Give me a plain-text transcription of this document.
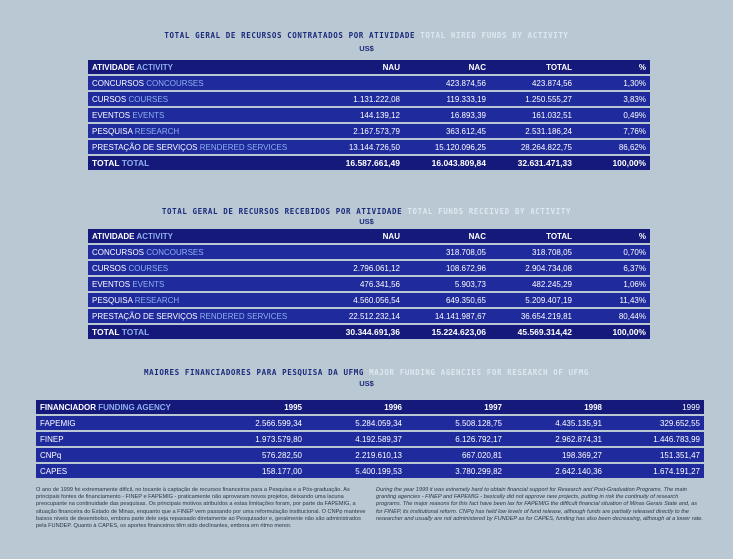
TOTAL GERAL DE RECURSOS CONTRATADOS POR ATIVIDADE TOTAL HIRED FUNDS BY ACTIVITY
US$
ATIVIDADE ACTIVITY	NAU	NAC	TOTAL	%
CONCURSOS CONCOURSES		423.874,56	423.874,56	1,30%
CURSOS COURSES	1.131.222,08	119.333,19	1.250.555,27	3,83%
EVENTOS EVENTS	144.139,12	16.893,39	161.032,51	0,49%
PESQUISA RESEARCH	2.167.573,79	363.612,45	2.531.186,24	7,76%
PRESTAÇÃO DE SERVIÇOS RENDERED SERVICES	13.144.726,50	15.120.096,25	28.264.822,75	86,62%
TOTAL TOTAL	16.587.661,49	16.043.809,84	32.631.471,33	100,00%
TOTAL GERAL DE RECURSOS RECEBIDOS POR ATIVIDADE TOTAL FUNDS RECEIVED BY ACTIVITY
US$
ATIVIDADE ACTIVITY	NAU	NAC	TOTAL	%
CONCURSOS CONCOURSES		318.708,05	318.708,05	0,70%
CURSOS COURSES	2.796.061,12	108.672,96	2.904.734,08	6,37%
EVENTOS EVENTS	476.341,56	5.903,73	482.245,29	1,06%
PESQUISA RESEARCH	4.560.056,54	649.350,65	5.209.407,19	11,43%
PRESTAÇÃO DE SERVIÇOS RENDERED SERVICES	22.512.232,14	14.141.987,67	36.654.219,81	80,44%
TOTAL TOTAL	30.344.691,36	15.224.623,06	45.569.314,42	100,00%
MAIORES FINANCIADORES PARA PESQUISA DA UFMG MAJOR FUNDING AGENCIES FOR RESEARCH OF UFMG
US$
FINANCIADOR FUNDING AGENCY	1995	1996	1997	1998	1999
FAPEMIG	2.566.599,34	5.284.059,34	5.508.128,75	4.435.135,91	329.652,55
FINEP	1.973.579,80	4.192.589,37	6.126.792,17	2.962.874,31	1.446.783,99
CNPq	576.282,50	2.219.610,13	667.020,81	198.369,27	151.351,47
CAPES	158.177,00	5.400.199,53	3.780.299,82	2.642.140,36	1.674.191,27
O ano de 1999 foi extremamente difícil, no tocante à captação de recursos financeiros para a Pesquisa e a Pós-graduação. As principais fontes de financiamento - FINEP e FAPEMIG - praticamente não aprovaram novos projetos, deixando uma lacuna preocupante na continuidade das pesquisas. Os principais motivos atribuídos a estas limitações foram, por parte da FAPEMIG, a situação financeira do Estado de Minas, enquanto que a FINEP vem passando por uma reformulação institucional. O CNPp manteve baixos níveis de desembolso, embora parte dele seja repassado diretamente ao Pesquisador e, geralmente não são administrados pela FUNDEP. Quanto à CAPES, os aportes financeiros têm sido declinantes, embora em ritmo menor.
During the year 1999 it was extremely hard to obtain financial support for Research and Post-Graduation Programs. The main granting agencies - FINEP and FAPEMIG - basically did not approve new projects, putting in risk the continuity of research programs. The major reasons for this fact have been lax for FAPEMIG the difficult financial situation of Minas Gerais State and, as for FINEP, its institutional reform. CNPq has held low levels of fund release, although funds are partially released directly to the researcher and usually are not administered by FUNDEP as for CAPES, funding has also been decreasing, although at a lower rate.
